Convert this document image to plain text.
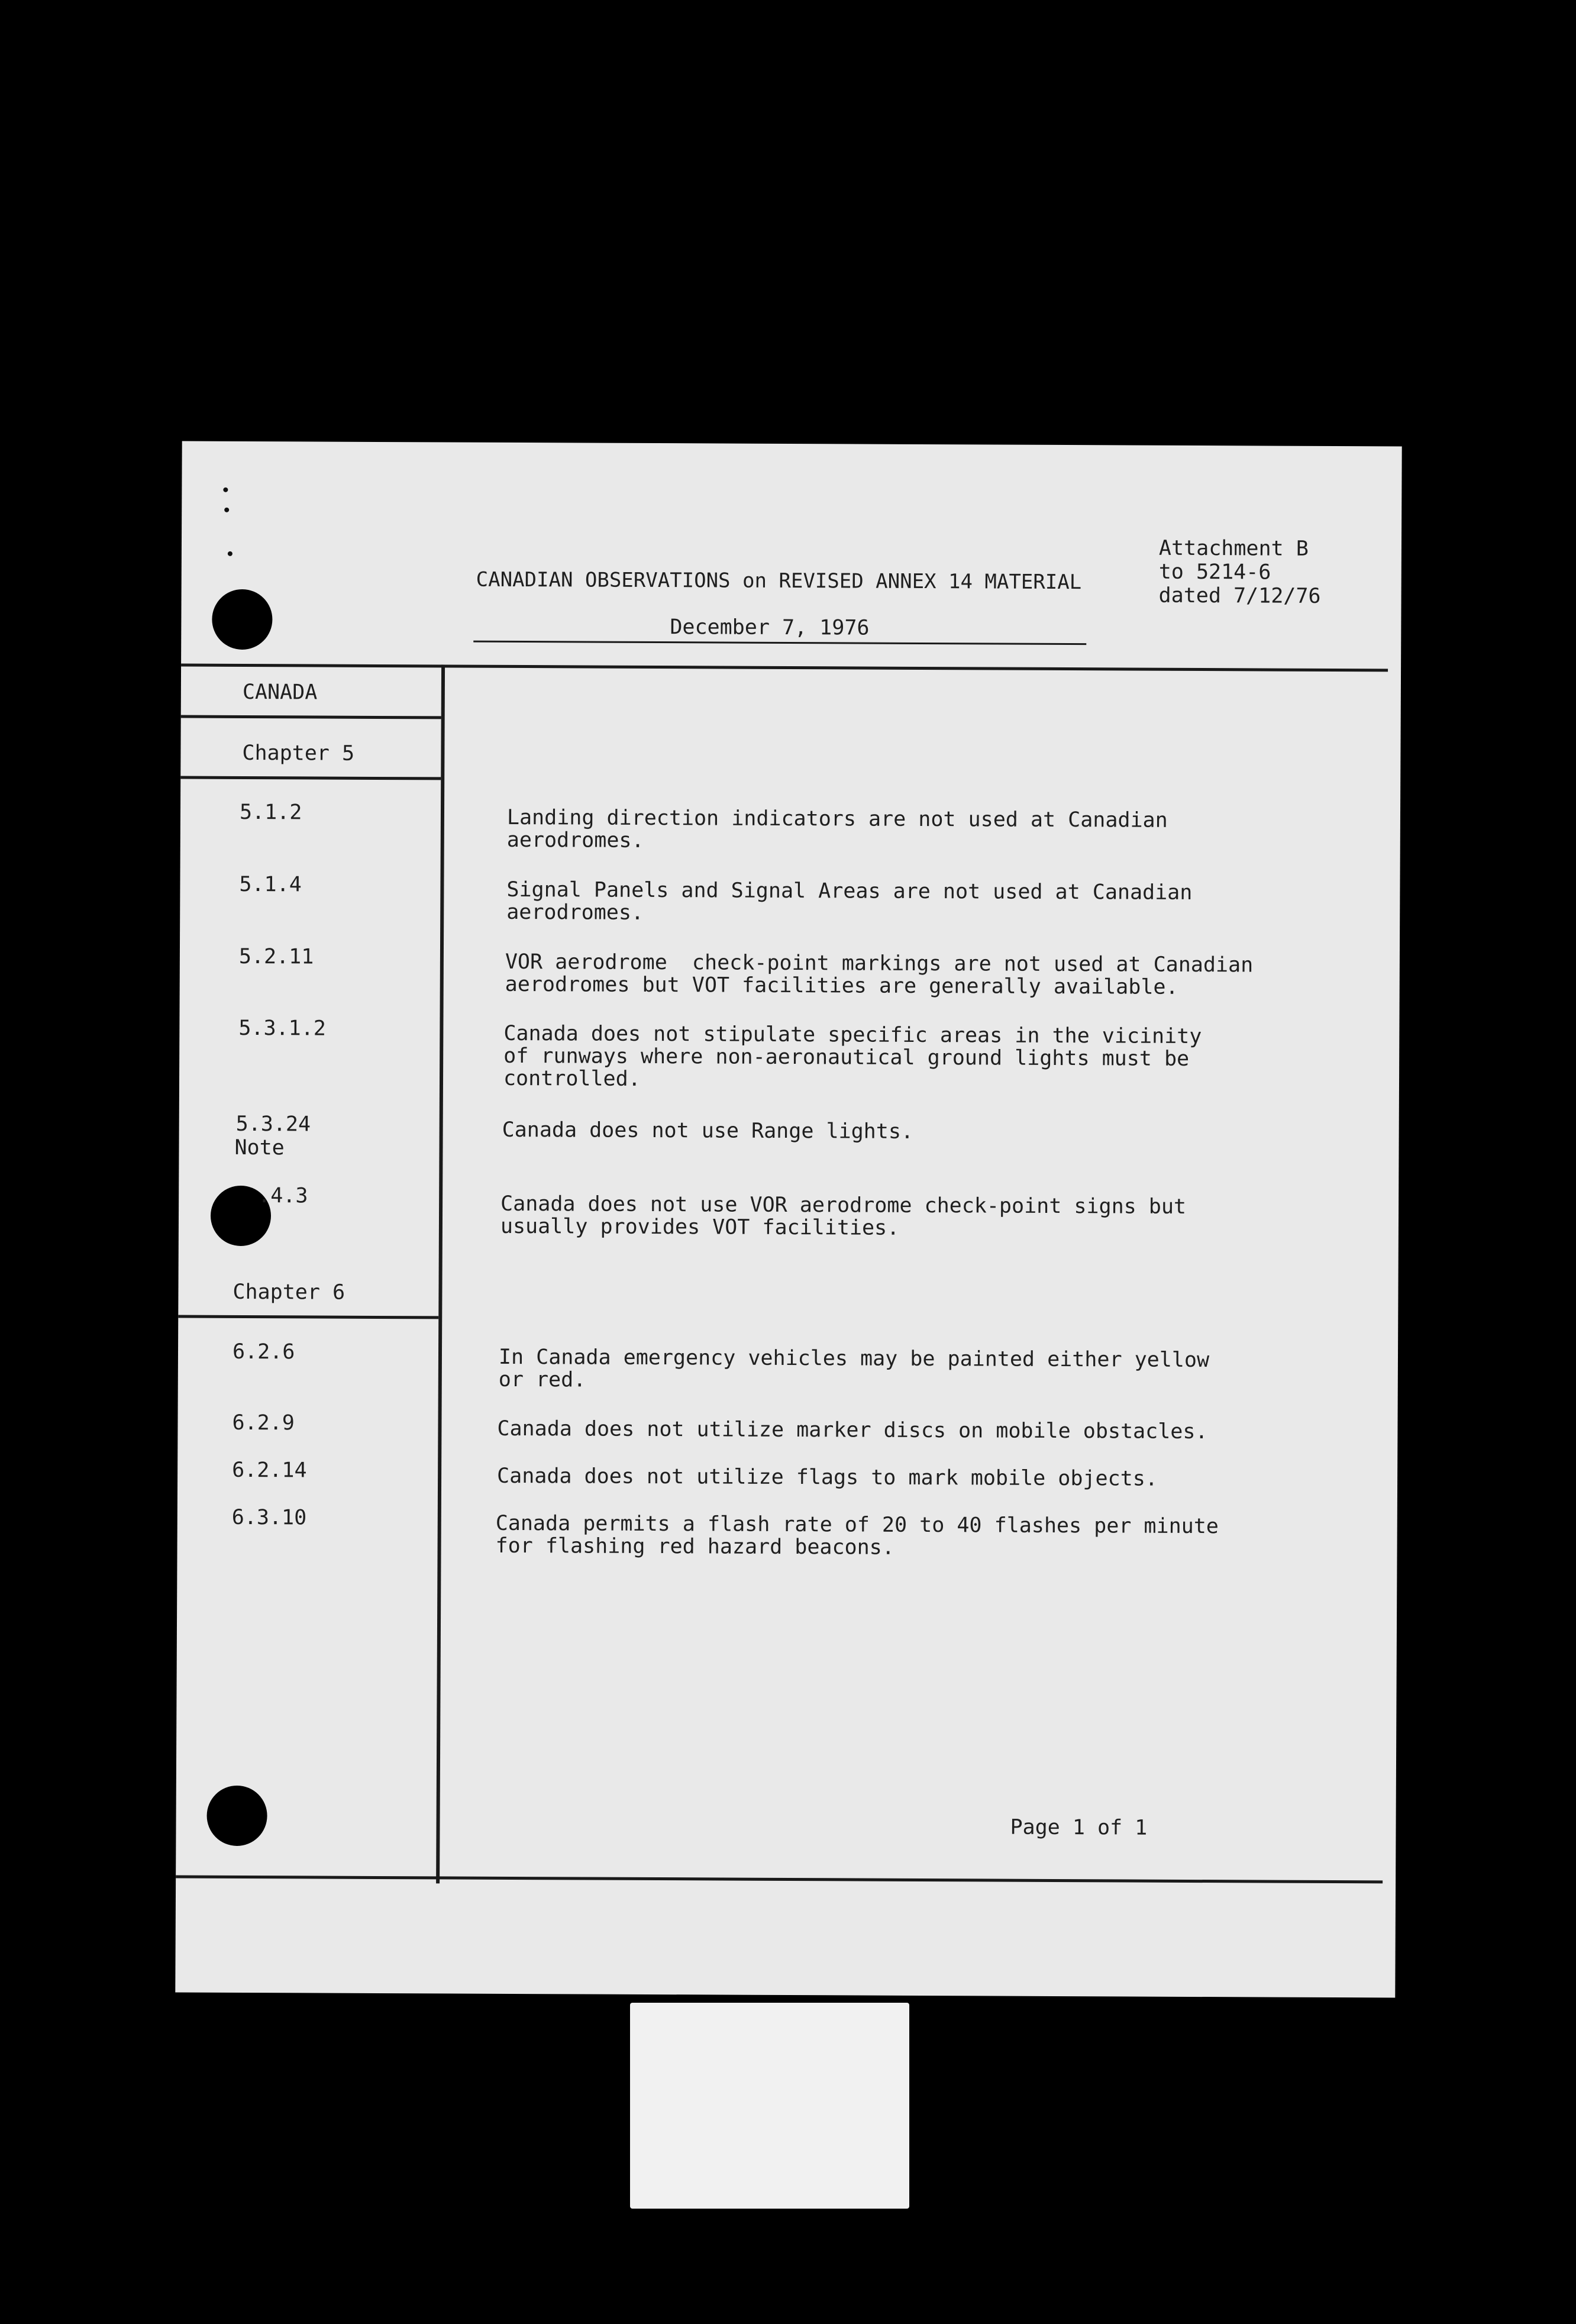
Attachment B
to 5214-6
dated 7/12/76
CANADIAN OBSERVATIONS on REVISED ANNEX 14 MATERIAL
December 7, 1976
CANADA
Chapter 5
Chapter 6
5.1.2
5.1.4
5.2.11
5.3.1.2
5.3.24
Note
.4.3
6.2.6
6.2.9
6.2.14
6.3.10
Landing direction indicators are not used at Canadian
aerodromes.
Signal Panels and Signal Areas are not used at Canadian
aerodromes.
VOR aerodrome  check-point markings are not used at Canadian
aerodromes but VOT facilities are generally available.
Canada does not stipulate specific areas in the vicinity
of runways where non-aeronautical ground lights must be
controlled.
Canada does not use Range lights.
Canada does not use VOR aerodrome check-point signs but
usually provides VOT facilities.
In Canada emergency vehicles may be painted either yellow
or red.
Canada does not utilize marker discs on mobile obstacles.
Canada does not utilize flags to mark mobile objects.
Canada permits a flash rate of 20 to 40 flashes per minute
for flashing red hazard beacons.
Page 1 of 1
